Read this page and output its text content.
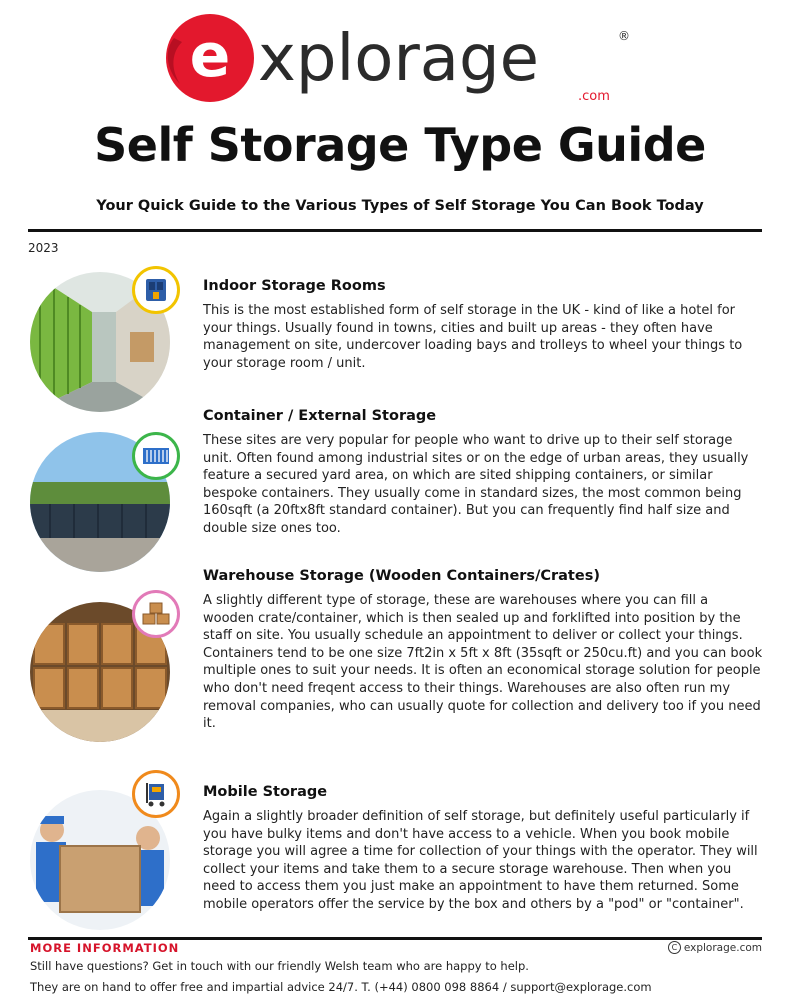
e xplorage	®
.com
Self Storage Type Guide
Your Quick Guide to the Various Types of Self Storage You Can Book Today
2023

Indoor Storage Rooms

This is the most established form of self storage in the UK - kind of like a hotel for your things. Usually found in towns, cities and built up areas - they often have management on site, undercover loading bays and trolleys to wheel your things to your storage room / unit.

Container / External Storage

These sites are very popular for people who want to drive up to their self storage unit. Often found among industrial sites or on the edge of urban areas, they usually feature a secured yard area, on which are sited shipping containers, or similar bespoke containers. They usually come in standard sizes, the most common being 160sqft (a 20ftx8ft standard container). But you can frequently find half size and double size ones too.

Warehouse Storage (Wooden Containers/Crates)

A slightly different type of storage, these are warehouses where you can fill a wooden crate/container, which is then sealed up and forklifted into position by the staff on site. You usually schedule an appointment to deliver or collect your things. Containers tend to be one size 7ft2in x 5ft x 8ft (35sqft or 250cu.ft) and you can book multiple ones to suit your needs. It is often an economical storage solution for people who don't need freqent access to their things. Warehouses are also often run my removal companies, who can usually quote for collection and delivery too if you need it.

Mobile Storage

Again a slightly broader definition of self storage, but definitely useful particularly if you have bulky items and don't have access to a vehicle. When you book mobile storage you will agree a time for collection of your things with the operator. They will collect your items and take them to a secure storage warehouse. Then when you need to access them you just make an appointment to have them returned. Some mobile operators offer the service by the box and others by a "pod" or "container".

MORE INFORMATION	C explorage.com
Still have questions? Get in touch with our friendly Welsh team who are happy to help.
They are on hand to offer free and impartial advice 24/7. T. (+44) 0800 098 8864 / support@explorage.com
